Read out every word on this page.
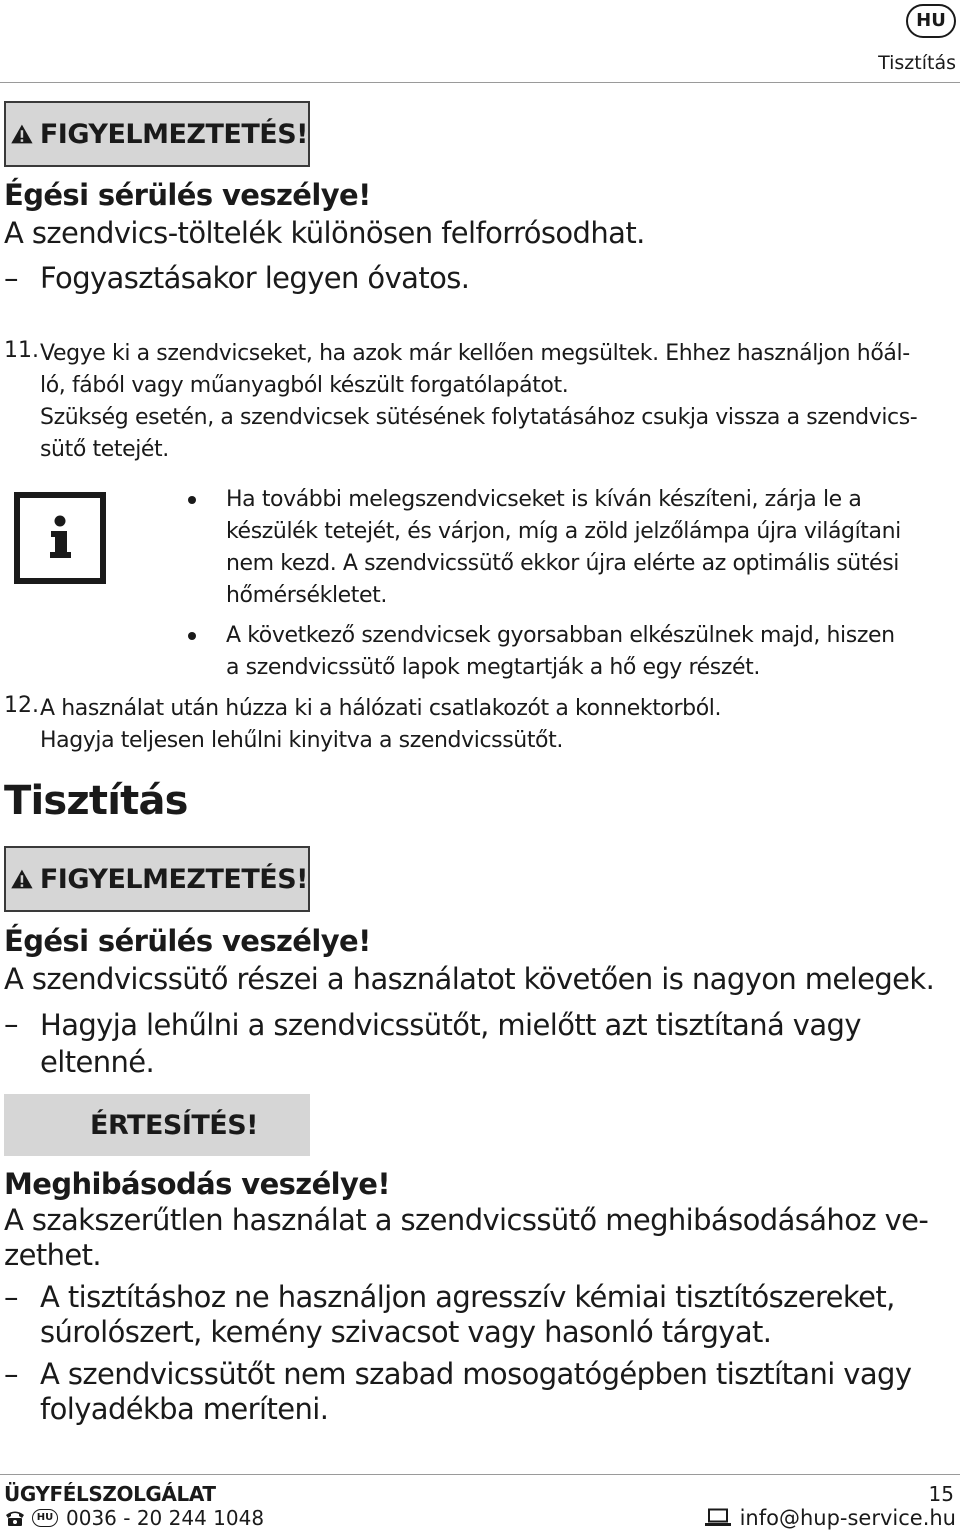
HU
Tisztítás
FIGYELMEZTETÉS!
Égési sérülés veszélye!
A szendvics-töltelék különösen felforrósodhat.
– Fogyasztásakor legyen óvatos.
11. Vegye ki a szendvicseket, ha azok már kellően megsültek. Ehhez használjon hőál-
ló, fából vagy műanyagból készült forgatólapátot.
Szükség esetén, a szendvicsek sütésének folytatásához csukja vissza a szendvics-
sütő tetejét.
Ha további melegszendvicseket is kíván készíteni, zárja le a
készülék tetejét, és várjon, míg a zöld jelzőlámpa újra világítani
nem kezd. A szendvicssütő ekkor újra elérte az optimális sütési
hőmérsékletet.
A következő szendvicsek gyorsabban elkészülnek majd, hiszen
a szendvicssütő lapok megtartják a hő egy részét.
12. A használat után húzza ki a hálózati csatlakozót a konnektorból.
Hagyja teljesen lehűlni kinyitva a szendvicssütőt.
Tisztítás
FIGYELMEZTETÉS!
Égési sérülés veszélye!
A szendvicssütő részei a használatot követően is nagyon melegek.
– Hagyja lehűlni a szendvicssütőt, mielőtt azt tisztítaná vagy
eltenné.
ÉRTESÍTÉS!
Meghibásodás veszélye!
A szakszerűtlen használat a szendvicssütő meghibásodásához ve-
zethet.
– A tisztításhoz ne használjon agresszív kémiai tisztítószereket,
súrolószert, kemény szivacsot vagy hasonló tárgyat.
– A szendvicssütőt nem szabad mosogatógépben tisztítani vagy
folyadékba meríteni.
ÜGYFÉLSZOLGÁLAT	15
HU 0036 - 20 244 1048	info@hup-service.hu
